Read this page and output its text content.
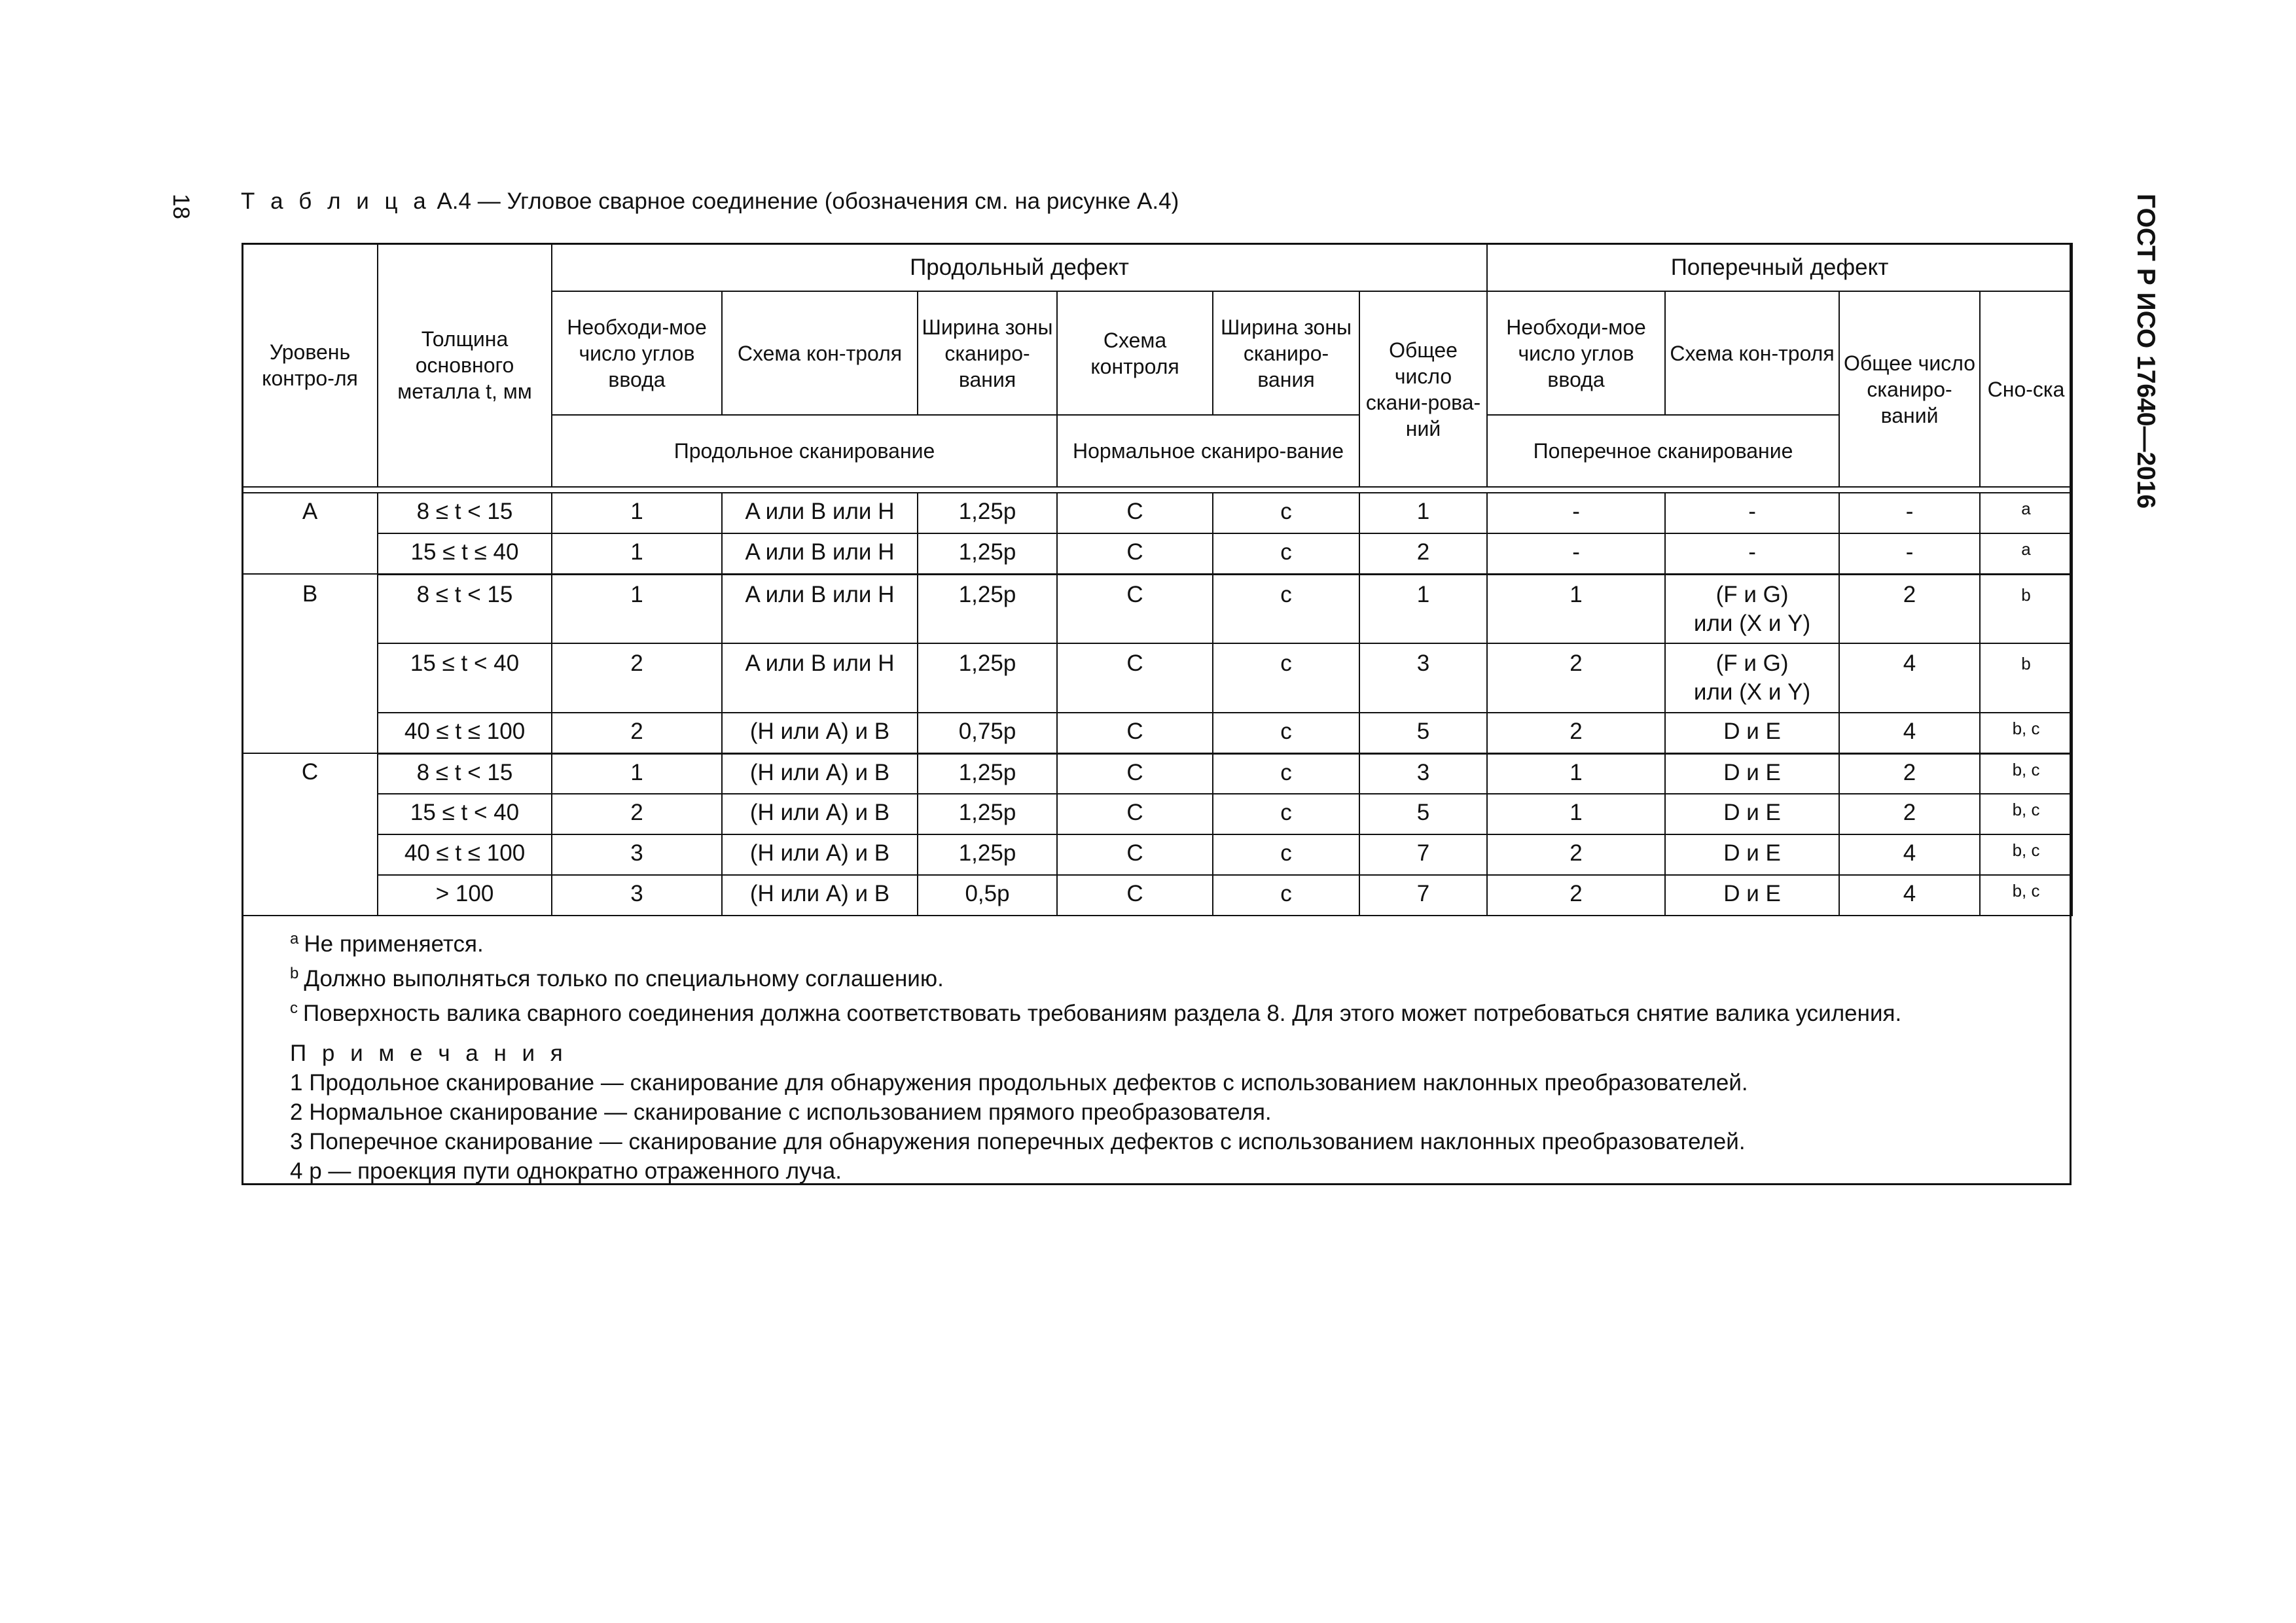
18	ГОСТ Р ИСО 17640—2016
Т а б л и ц а А.4 — Угловое сварное соединение (обозначения см. на рисунке А.4)
Уровень контро-ля	Толщина основного металла t, мм	Продольный дефект						Поперечный дефект			
		Необходи-мое число углов ввода	Схема кон-троля	Ширина зоны сканиро-вания	Схема контроля	Ширина зоны сканиро-вания	Общее число скани-рова-ний	Необходи-мое число углов ввода	Схема кон-троля	Общее число сканиро-ваний	Сно-ска
		Продольное сканирование			Нормальное сканиро-вание			Поперечное сканирование			

A	8 ≤ t < 15	1	A или B или H	1,25p	C	c	1	-	-	-	a
	15 ≤ t ≤ 40	1	A или B или H	1,25p	C	c	2	-	-	-	a
B	8 ≤ t < 15	1	A или B или H	1,25p	C	c	1	1	(F и G)
или (X и Y)	2	b
	15 ≤ t < 40	2	A или B или H	1,25p	C	c	3	2	(F и G)
или (X и Y)	4	b
	40 ≤ t ≤ 100	2	(H или A) и B	0,75p	C	c	5	2	D и E	4	b, c
C	8 ≤ t < 15	1	(H или A) и B	1,25p	C	c	3	1	D и E	2	b, c
	15 ≤ t < 40	2	(H или A) и B	1,25p	C	c	5	1	D и E	2	b, c
	40 ≤ t ≤ 100	3	(H или A) и B	1,25p	C	c	7	2	D и E	4	b, c
	> 100	3	(H или A) и B	0,5p	C	c	7	2	D и E	4	b, c
$^a$ Не применяется.
$^b$ Должно выполняться только по специальному соглашению.
$^c$ Поверхность валика сварного соединения должна соответствовать требованиям раздела 8. Для этого может потребоваться снятие валика усиления.
П р и м е ч а н и я
1 Продольное сканирование — сканирование для обнаружения продольных дефектов с использованием наклонных преобразователей.
2 Нормальное сканирование — сканирование с использованием прямого преобразователя.
3 Поперечное сканирование — сканирование для обнаружения поперечных дефектов с использованием наклонных преобразователей.
4 p — проекция пути однократно отраженного луча.
